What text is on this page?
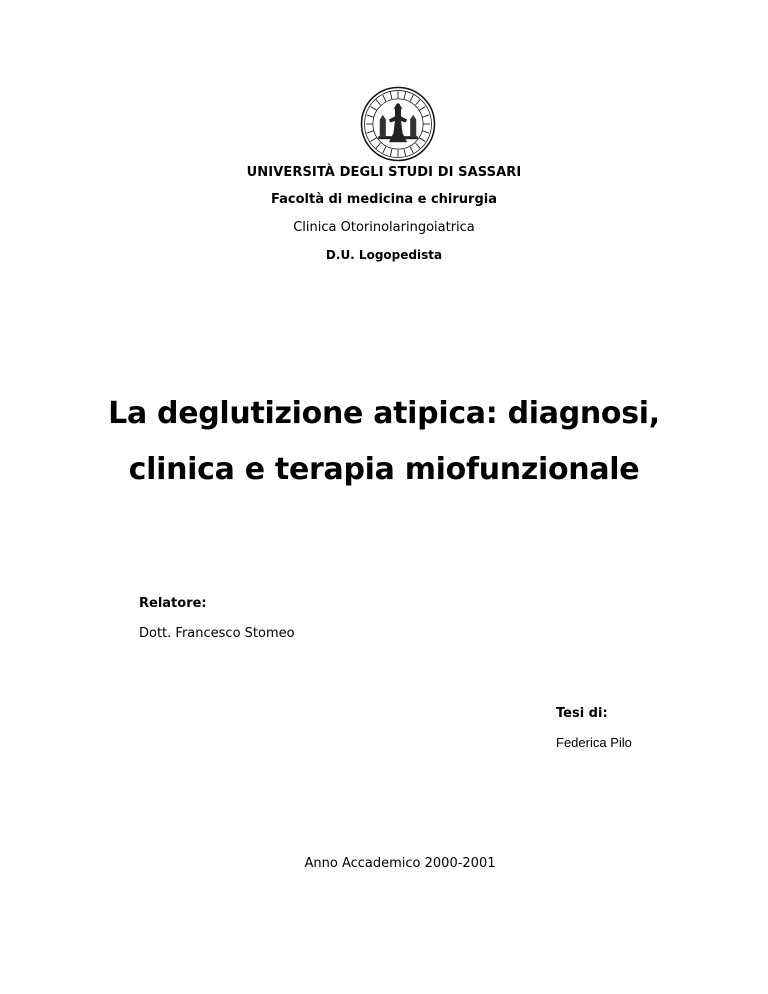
UNIVERSITÀ DEGLI STUDI DI SASSARI
Facoltà di medicina e chirurgia
Clinica Otorinolaringoiatrica
D.U. Logopedista
La deglutizione atipica: diagnosi,
clinica e terapia miofunzionale
Relatore:
Dott. Francesco Stomeo
Tesi di:
Federica Pilo
Anno Accademico 2000-2001
